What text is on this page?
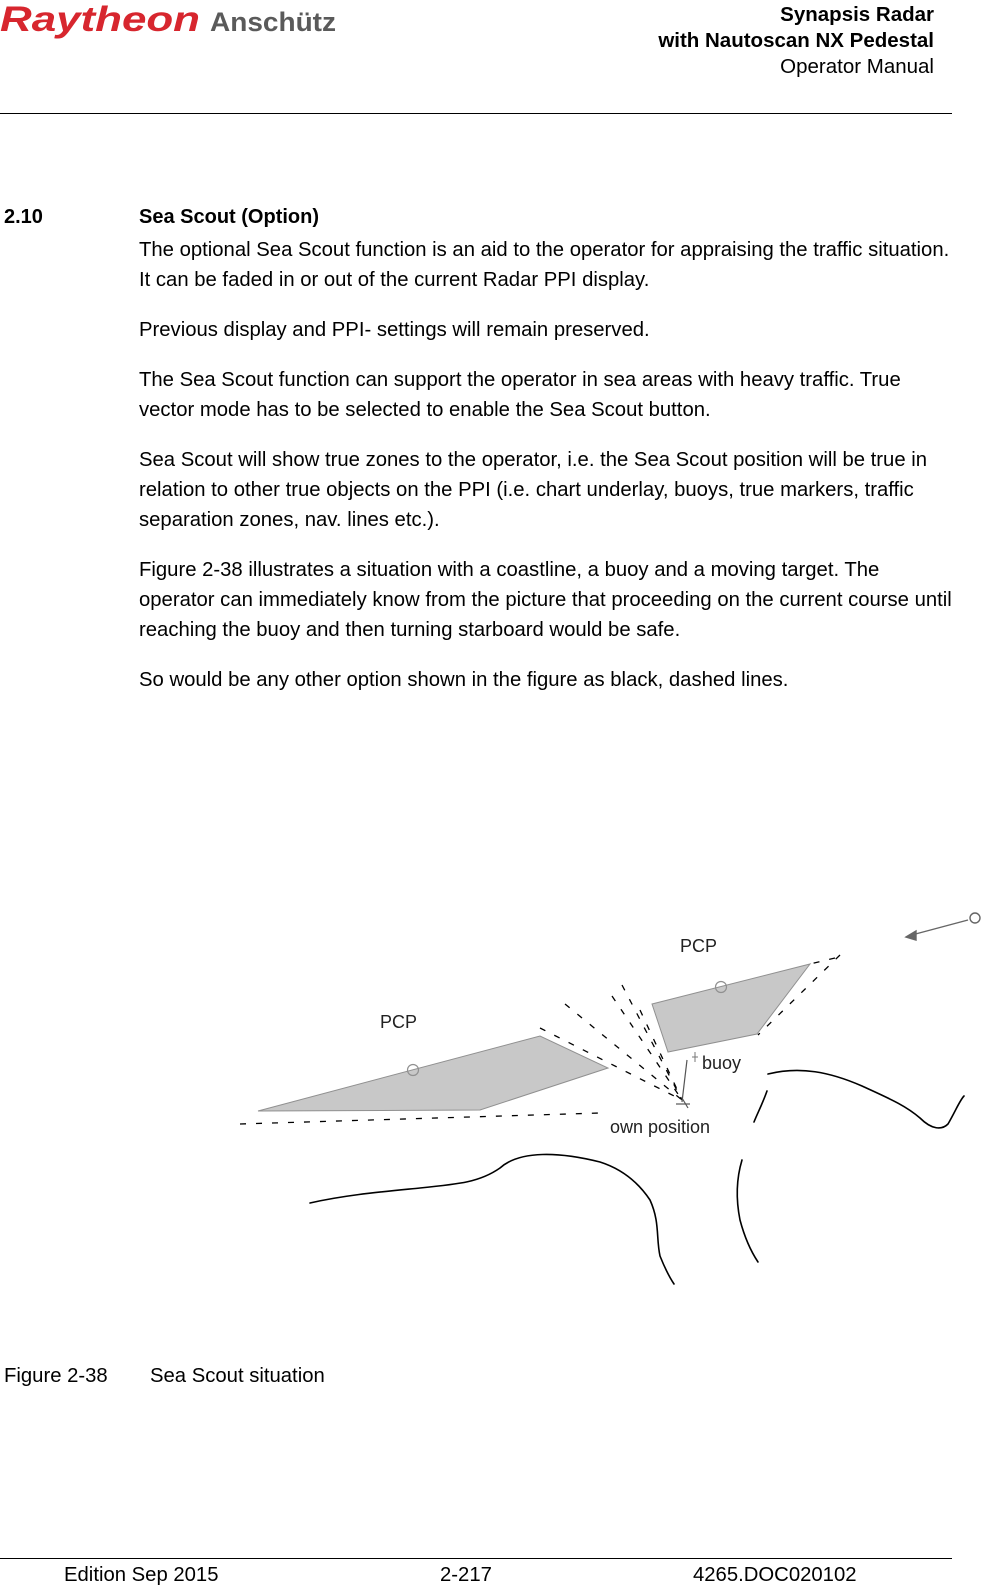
Raytheon Anschütz	Synapsis Radar
with Nautoscan NX Pedestal
Operator Manual
2.10	Sea Scout (Option)

The optional Sea Scout function is an aid to the operator for appraising the traffic situation. It can be faded in or out of the current Radar PPI display.

Previous display and PPI- settings will remain preserved.

The Sea Scout function can support the operator in sea areas with heavy traffic. True vector mode has to be selected to enable the Sea Scout button.

Sea Scout will show true zones to the operator, i.e. the Sea Scout position will be true in relation to other true objects on the PPI (i.e. chart underlay, buoys, true markers, traffic separation zones, nav. lines etc.).

Figure 2-38 illustrates a situation with a coastline, a buoy and a moving target. The operator can immediately know from the picture that proceeding on the current course until reaching the buoy and then turning starboard would be safe.

So would be any other option shown in the figure as black, dashed lines.

PCP
PCP
buoy
own position
Figure 2-38 Sea Scout situation
Edition Sep 2015	2-217	4265.DOC020102
